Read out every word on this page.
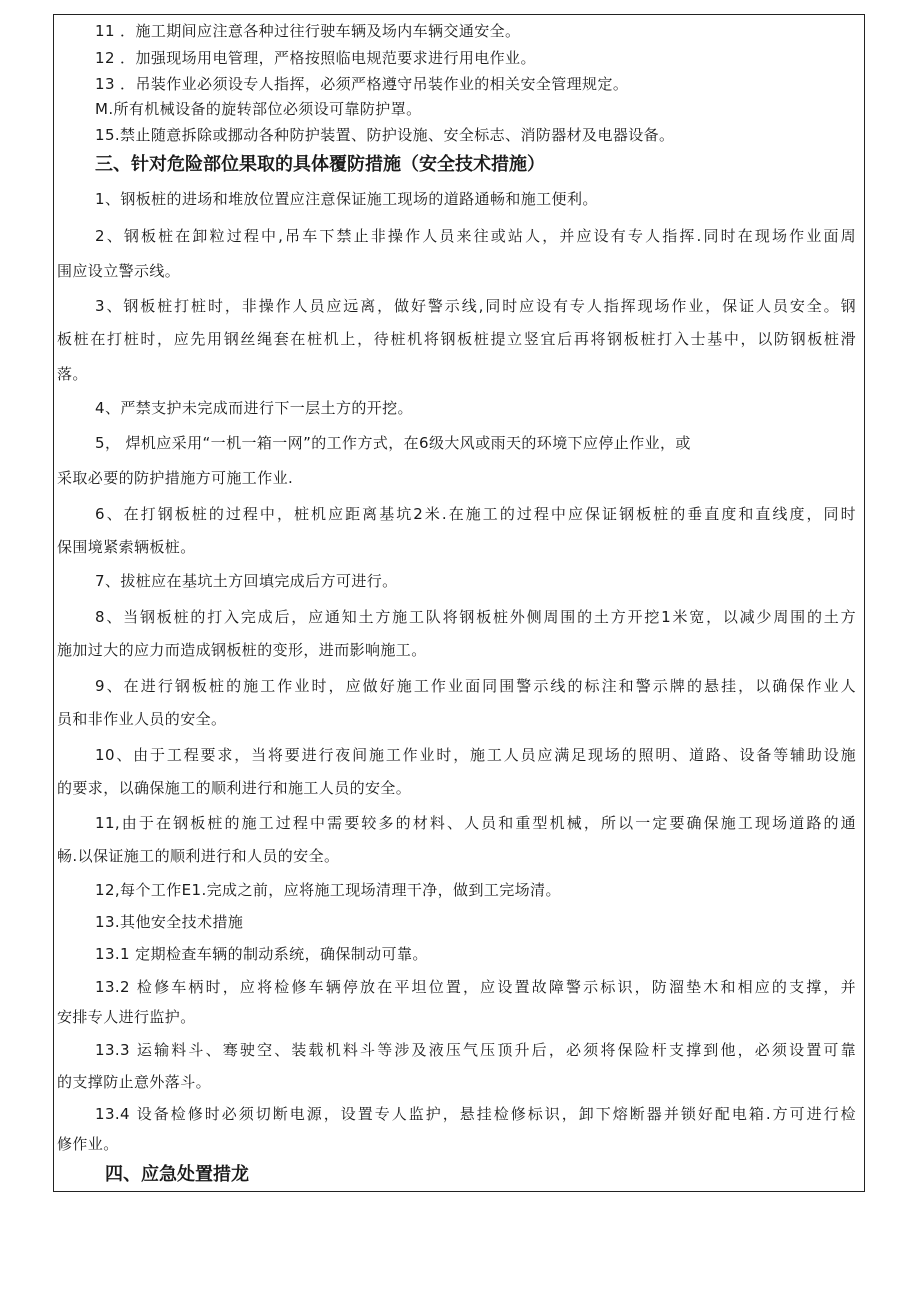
11 ．施工期间应注意各种过往行驶车辆及场内车辆交通安全。
12 ．加强现场用电管理，严格按照临电规范要求进行用电作业。
13 ．吊装作业必须设专人指挥，必须严格遵守吊装作业的相关安全管理规定。
M.所有机械设备的旋转部位必须设可靠防护罩。
15.禁止随意拆除或挪动各种防护装置、防护设施、安全标志、消防器材及电器设备。
三、针对危险部位果取的具体覆防措施（安全技术措施）
1、钢板桩的进场和堆放位置应注意保证施工现场的道路通畅和施工便利。
2、钢板桩在卸粒过程中,吊车下禁止非操作人员来往或站人，并应设有专人指挥.同时在现场作业面周
围应设立警示线。
3、钢板桩打桩时，非操作人员应远离，做好警示线,同时应设有专人指挥现场作业，保证人员安全。钢
板桩在打桩时，应先用钢丝绳套在桩机上，待桩机将钢板桩提立竖宜后再将钢板桩打入士基中，以防钢板桩滑
落。
4、严禁支护未完成而进行下一层土方的开挖。
5， 焊机应采用“一机一箱一网”的工作方式，在6级大风或雨天的环境下应停止作业，或
采取必要的防护措施方可施工作业.
6、在打钢板桩的过程中，桩机应距离基坑2米.在施工的过程中应保证钢板桩的垂直度和直线度，同时
保围境紧索辆板桩。
7、拔桩应在基坑土方回填完成后方可进行。
8、当钢板桩的打入完成后，应通知土方施工队将钢板桩外侧周围的土方开挖1米宽，以减少周围的土方
施加过大的应力而造成钢板桩的变形，进而影响施工。
9、在进行钢板桩的施工作业时，应做好施工作业面同围警示线的标注和警示牌的悬挂，以确保作业人
员和非作业人员的安全。
10、由于工程要求，当将要进行夜间施工作业时，施工人员应满足现场的照明、道路、设备等辅助设施
的要求，以确保施工的顺利进行和施工人员的安全。
11,由于在钢板桩的施工过程中需要较多的材料、人员和重型机械，所以一定要确保施工现场道路的通
畅.以保证施工的顺利进行和人员的安全。
12,每个工作E1.完成之前，应将施工现场清理干净，做到工完场清。
13.其他安全技术措施
13.1 定期检查车辆的制动系统，确保制动可靠。
13.2 检修车柄时，应将检修车辆停放在平坦位置，应设置故障警示标识，防溜垫木和相应的支撑，并
安排专人进行监护。
13.3 运输料斗、骞驶空、装载机料斗等涉及液压气压顶升后，必须将保险杆支撑到他，必须设置可靠
的支撑防止意外落斗。
13.4 设备检修时必须切断电源，设置专人监护，悬挂检修标识，卸下熔断器并锁好配电箱.方可进行检
修作业。
四、应急处置措龙
